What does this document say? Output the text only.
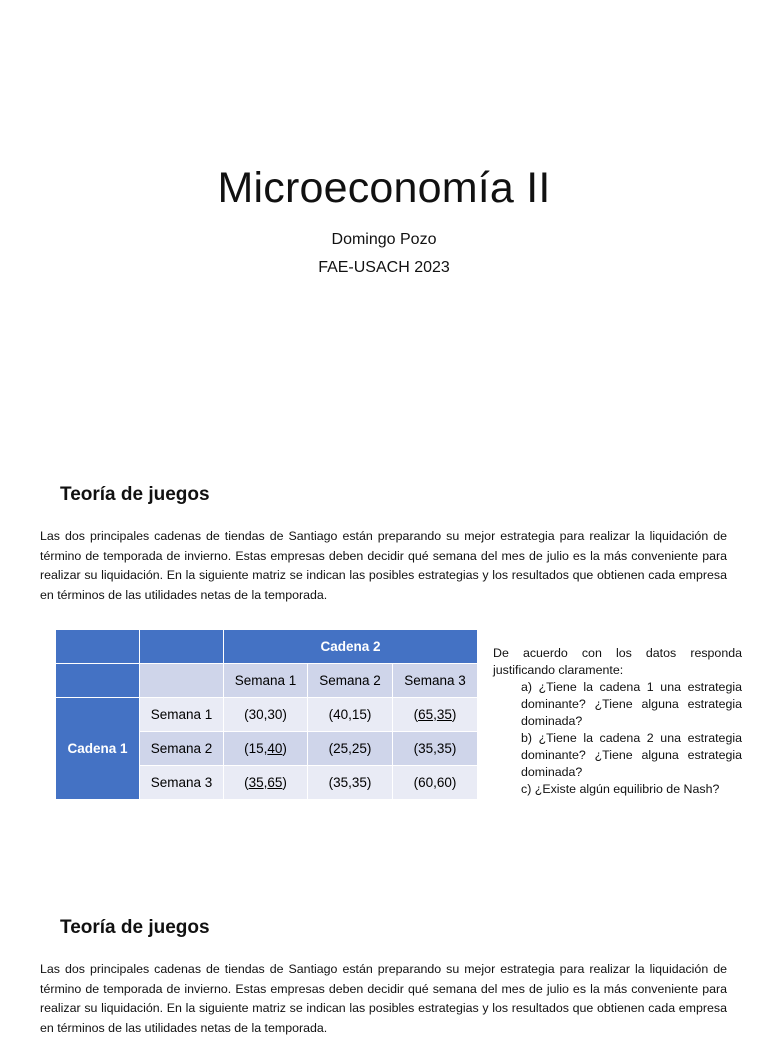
Microeconomía II
Domingo Pozo
FAE-USACH 2023
Teoría de juegos
Las dos principales cadenas de tiendas de Santiago están preparando su mejor estrategia para realizar la liquidación de término de temporada de invierno. Estas empresas deben decidir qué semana del mes de julio es la más conveniente para realizar su liquidación. En la siguiente matriz se indican las posibles estrategias y los resultados que obtienen cada empresa en términos de las utilidades netas de la temporada.
		Cadena 2		
		Semana 1	Semana 2	Semana 3
Cadena 1	Semana 1	(30,30)	(40,15)	(65,35)
	Semana 2	(15,40)	(25,25)	(35,35)
	Semana 3	(35,65)	(35,35)	(60,60)
De acuerdo con los datos responda justificando claramente:
a) ¿Tiene la cadena 1 una estrategia dominante? ¿Tiene alguna estrategia dominada?
b) ¿Tiene la cadena 2 una estrategia dominante? ¿Tiene alguna estrategia dominada?
c) ¿Existe algún equilibrio de Nash?
Teoría de juegos
Las dos principales cadenas de tiendas de Santiago están preparando su mejor estrategia para realizar la liquidación de término de temporada de invierno. Estas empresas deben decidir qué semana del mes de julio es la más conveniente para realizar su liquidación. En la siguiente matriz se indican las posibles estrategias y los resultados que obtienen cada empresa en términos de las utilidades netas de la temporada.
